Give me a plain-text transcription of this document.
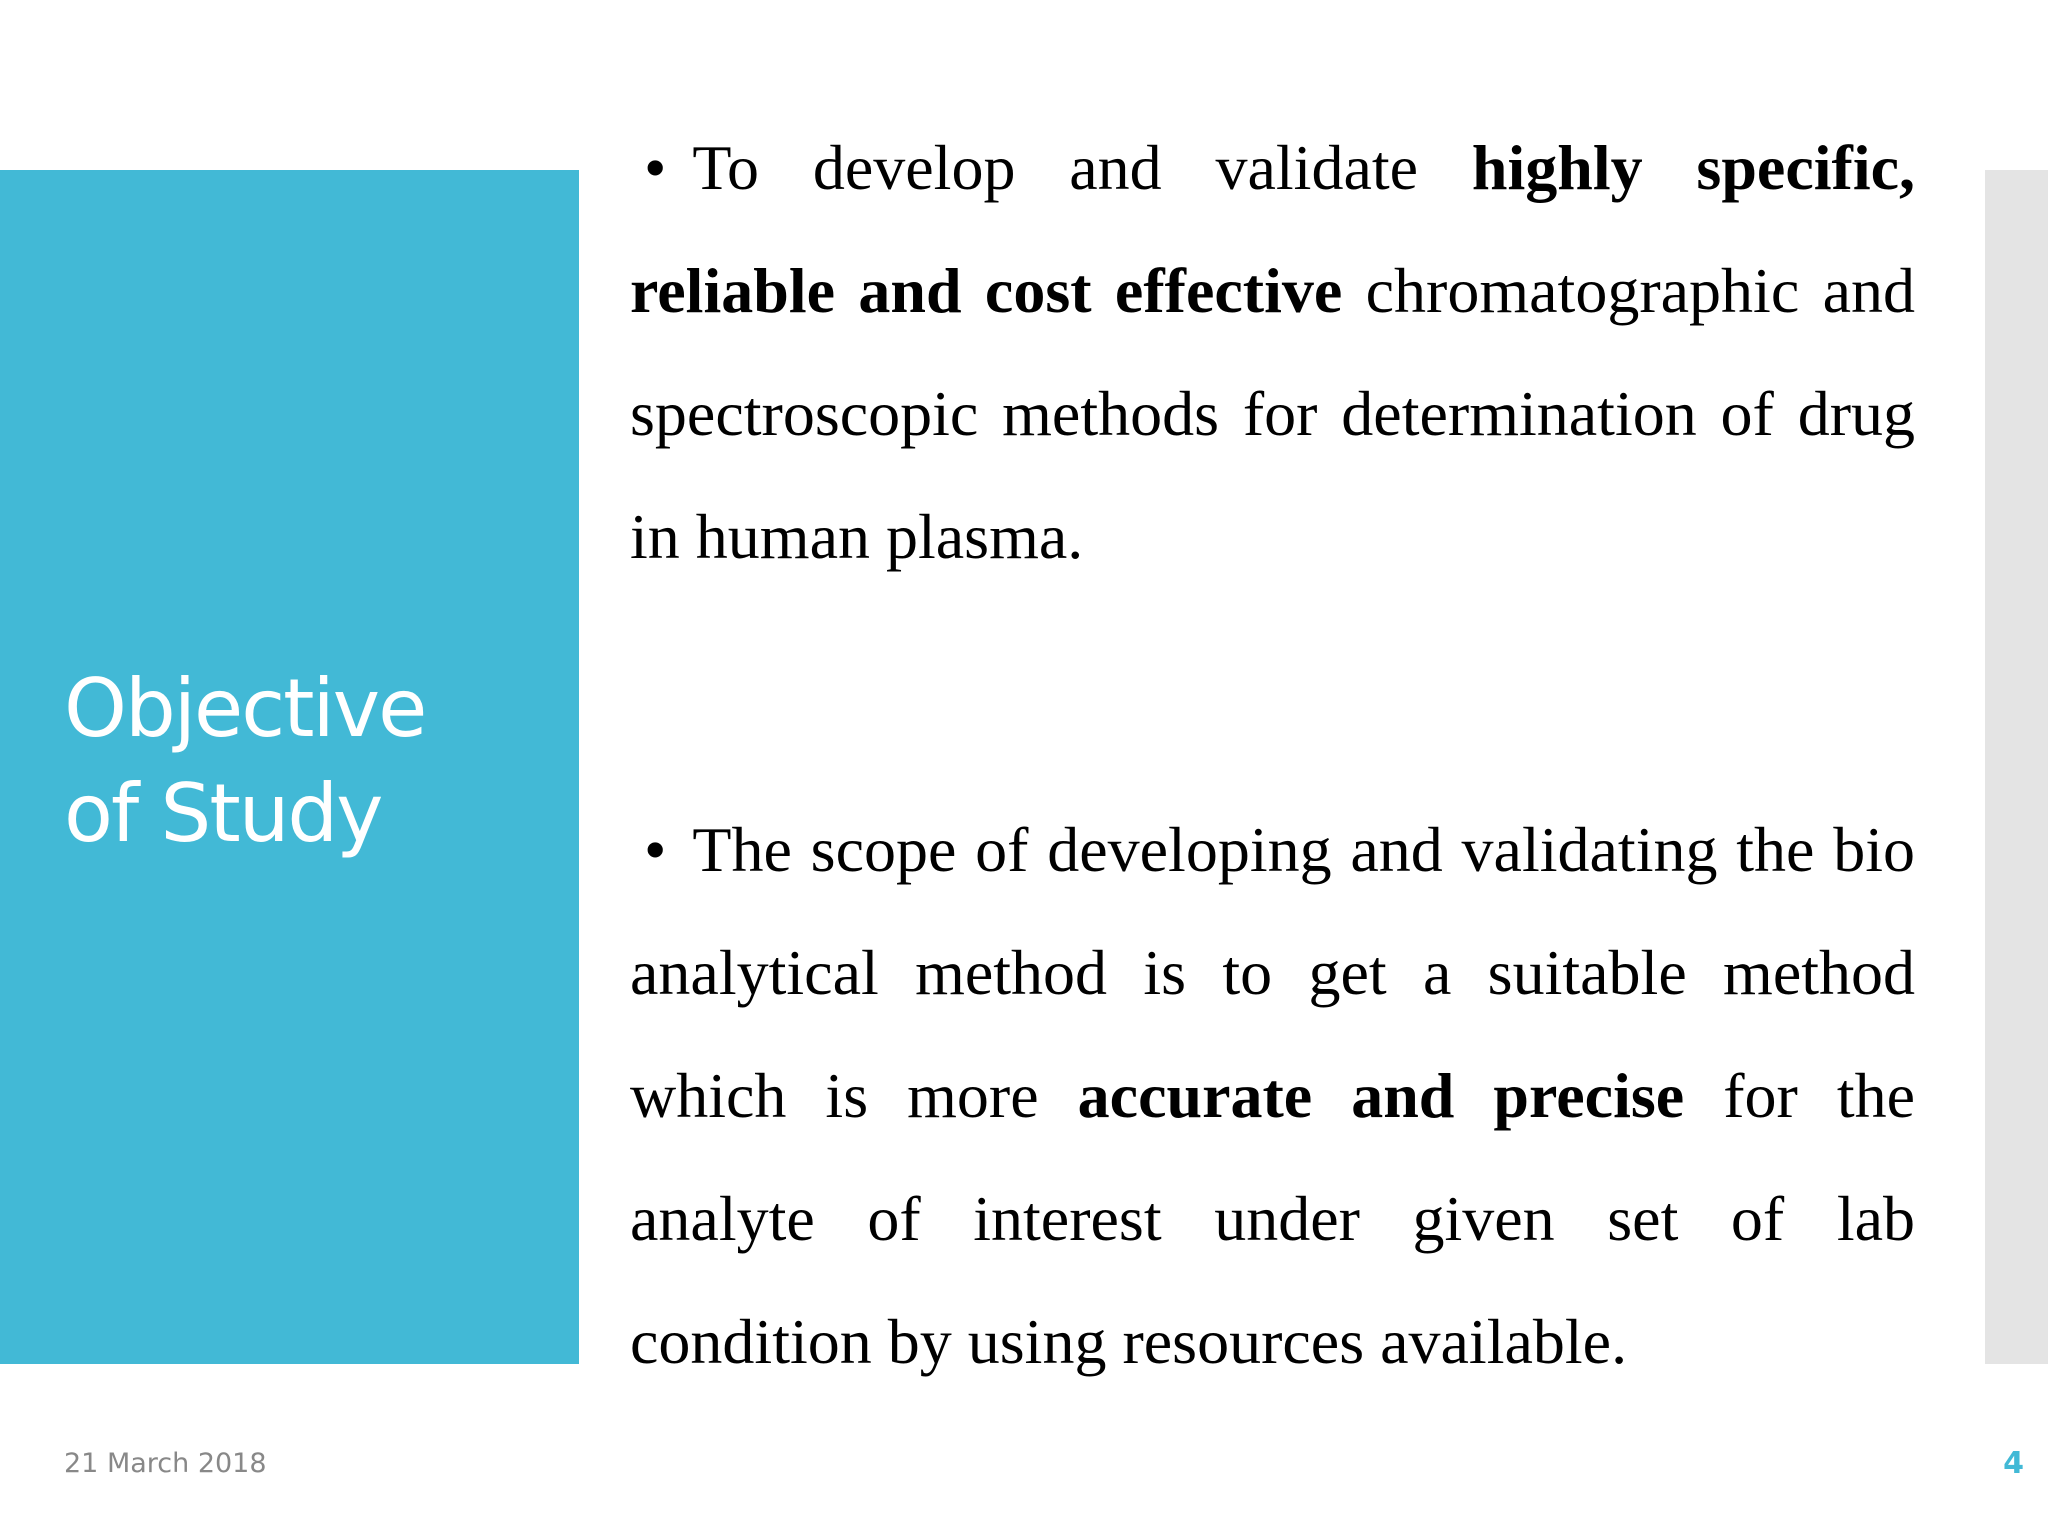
Objective
of Study

• To develop and validate highly specific, reliable and cost effective chromatographic and spectroscopic methods for determination of drug in human plasma.

• The scope of developing and validating the bio analytical method is to get a suitable method which is more accurate and precise for the analyte of interest under given set of lab condition by using resources available.

21 March 2018	4
